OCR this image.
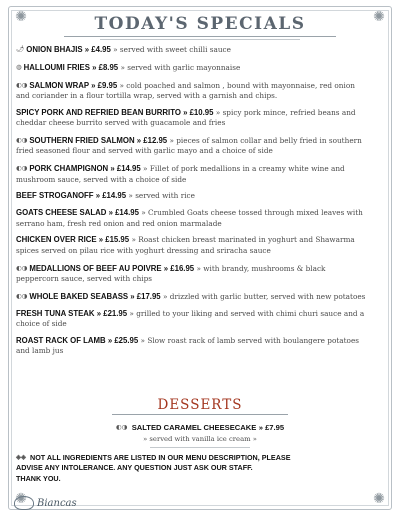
✺	✺
✺	✺
TODAY'S SPECIALS
🌶 ONION BHAJIS » £4.95 » served with sweet chilli sauce
◍ HALLOUMI FRIES » £8.95 » served with garlic mayonnaise
◐◑ SALMON WRAP » £9.95 » cold poached and salmon , bound with mayonnaise, red onion and coriander in a flour tortilla wrap, served with a garnish and chips.
SPICY PORK AND REFRIED BEAN BURRITO » £10.95 » spicy pork mince, refried beans and cheddar cheese burrito served with guacamole and fries
◐◑ SOUTHERN FRIED SALMON » £12.95 » pieces of salmon collar and belly fried in southern fried seasoned flour and served with garlic mayo and a choice of side
◐◑ PORK CHAMPIGNON » £14.95 » Fillet of pork medallions in a creamy white wine and mushroom sauce, served with a choice of side
BEEF STROGANOFF » £14.95 » served with rice
GOATS CHEESE SALAD » £14.95 » Crumbled Goats cheese tossed through mixed leaves with serrano ham, fresh red onion and red onion marmalade
CHICKEN OVER RICE » £15.95 » Roast chicken breast marinated in yoghurt and Shawarma spices served on pilau rice with yoghurt dressing and sriracha sauce
◐◑ MEDALLIONS OF BEEF AU POIVRE » £16.95 » with brandy, mushrooms & black peppercorn sauce, served with chips
◐◑ WHOLE BAKED SEABASS » £17.95 » drizzled with garlic butter, served with new potatoes
FRESH TUNA STEAK » £21.95 » grilled to your liking and served with chimi churi sauce and a choice of side
ROAST RACK OF LAMB » £25.95 » Slow roast rack of lamb served with boulangere potatoes and lamb jus
DESSERTS
◐◑ SALTED CARAMEL CHEESECAKE » £7.95
» served with vanilla ice cream »
◈◈ NOT ALL INGREDIENTS ARE LISTED IN OUR MENU DESCRIPTION, PLEASE
ADVISE ANY INTOLERANCE. ANY QUESTION JUST ASK OUR STAFF.
THANK YOU.
Biancas
